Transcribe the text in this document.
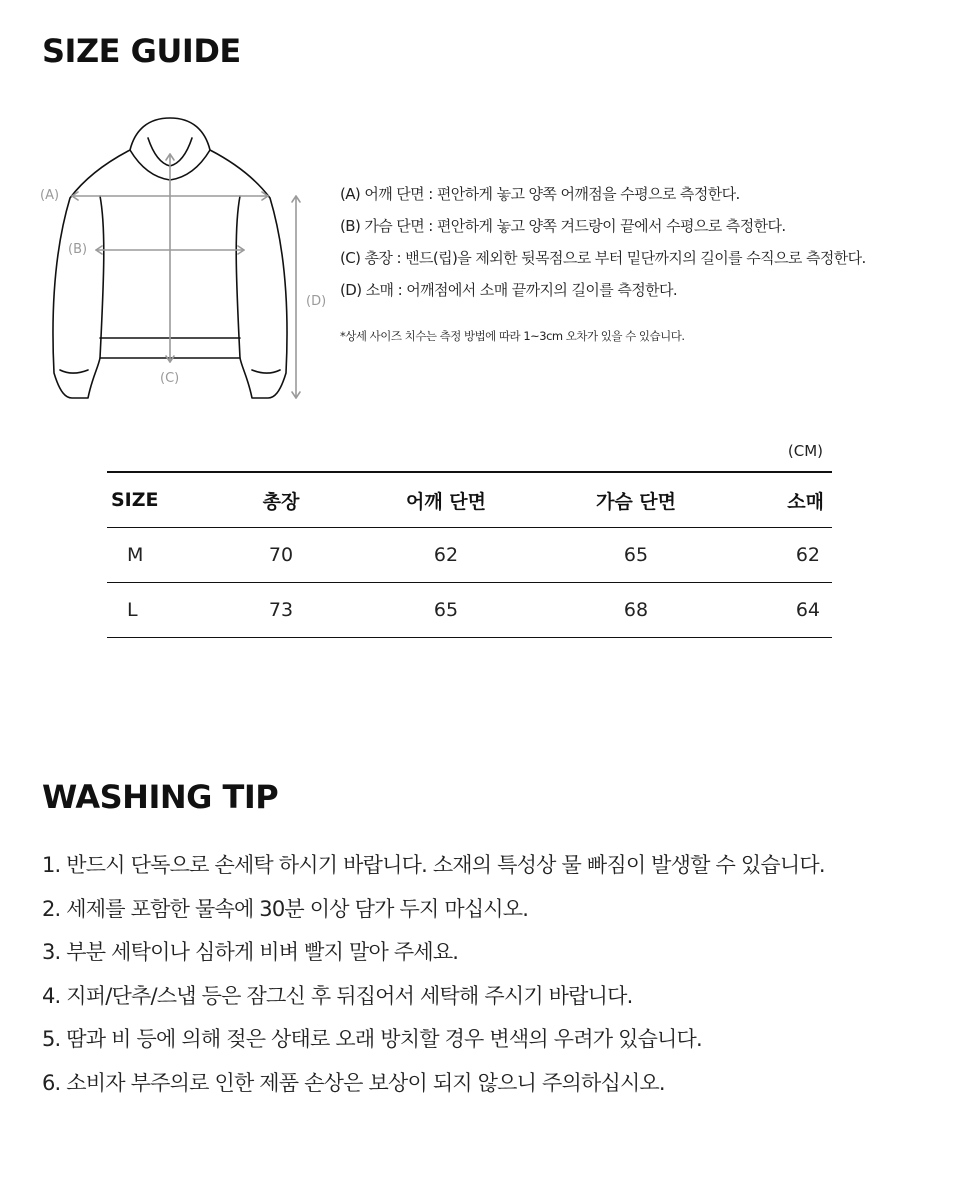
SIZE GUIDE
(A)
(B)
(C)
(D)
(A) 어깨 단면 : 편안하게 놓고 양쪽 어깨점을 수평으로 측정한다.
(B) 가슴 단면 : 편안하게 놓고 양쪽 겨드랑이 끝에서 수평으로 측정한다.
(C) 총장 : 밴드(립)을 제외한 뒷목점으로 부터 밑단까지의 길이를 수직으로 측정한다.
(D) 소매 : 어깨점에서 소매 끝까지의 길이를 측정한다.
*상세 사이즈 치수는 측정 방법에 따라 1~3cm 오차가 있을 수 있습니다.
(CM)
SIZE	총장	어깨 단면	가슴 단면	소매
M	70	62	65	62
L	73	65	68	64
WASHING TIP
1. 반드시 단독으로 손세탁 하시기 바랍니다. 소재의 특성상 물 빠짐이 발생할 수 있습니다.
2. 세제를 포함한 물속에 30분 이상 담가 두지 마십시오.
3. 부분 세탁이나 심하게 비벼 빨지 말아 주세요.
4. 지퍼/단추/스냅 등은 잠그신 후 뒤집어서 세탁해 주시기 바랍니다.
5. 땀과 비 등에 의해 젖은 상태로 오래 방치할 경우 변색의 우려가 있습니다.
6. 소비자 부주의로 인한 제품 손상은 보상이 되지 않으니 주의하십시오.
